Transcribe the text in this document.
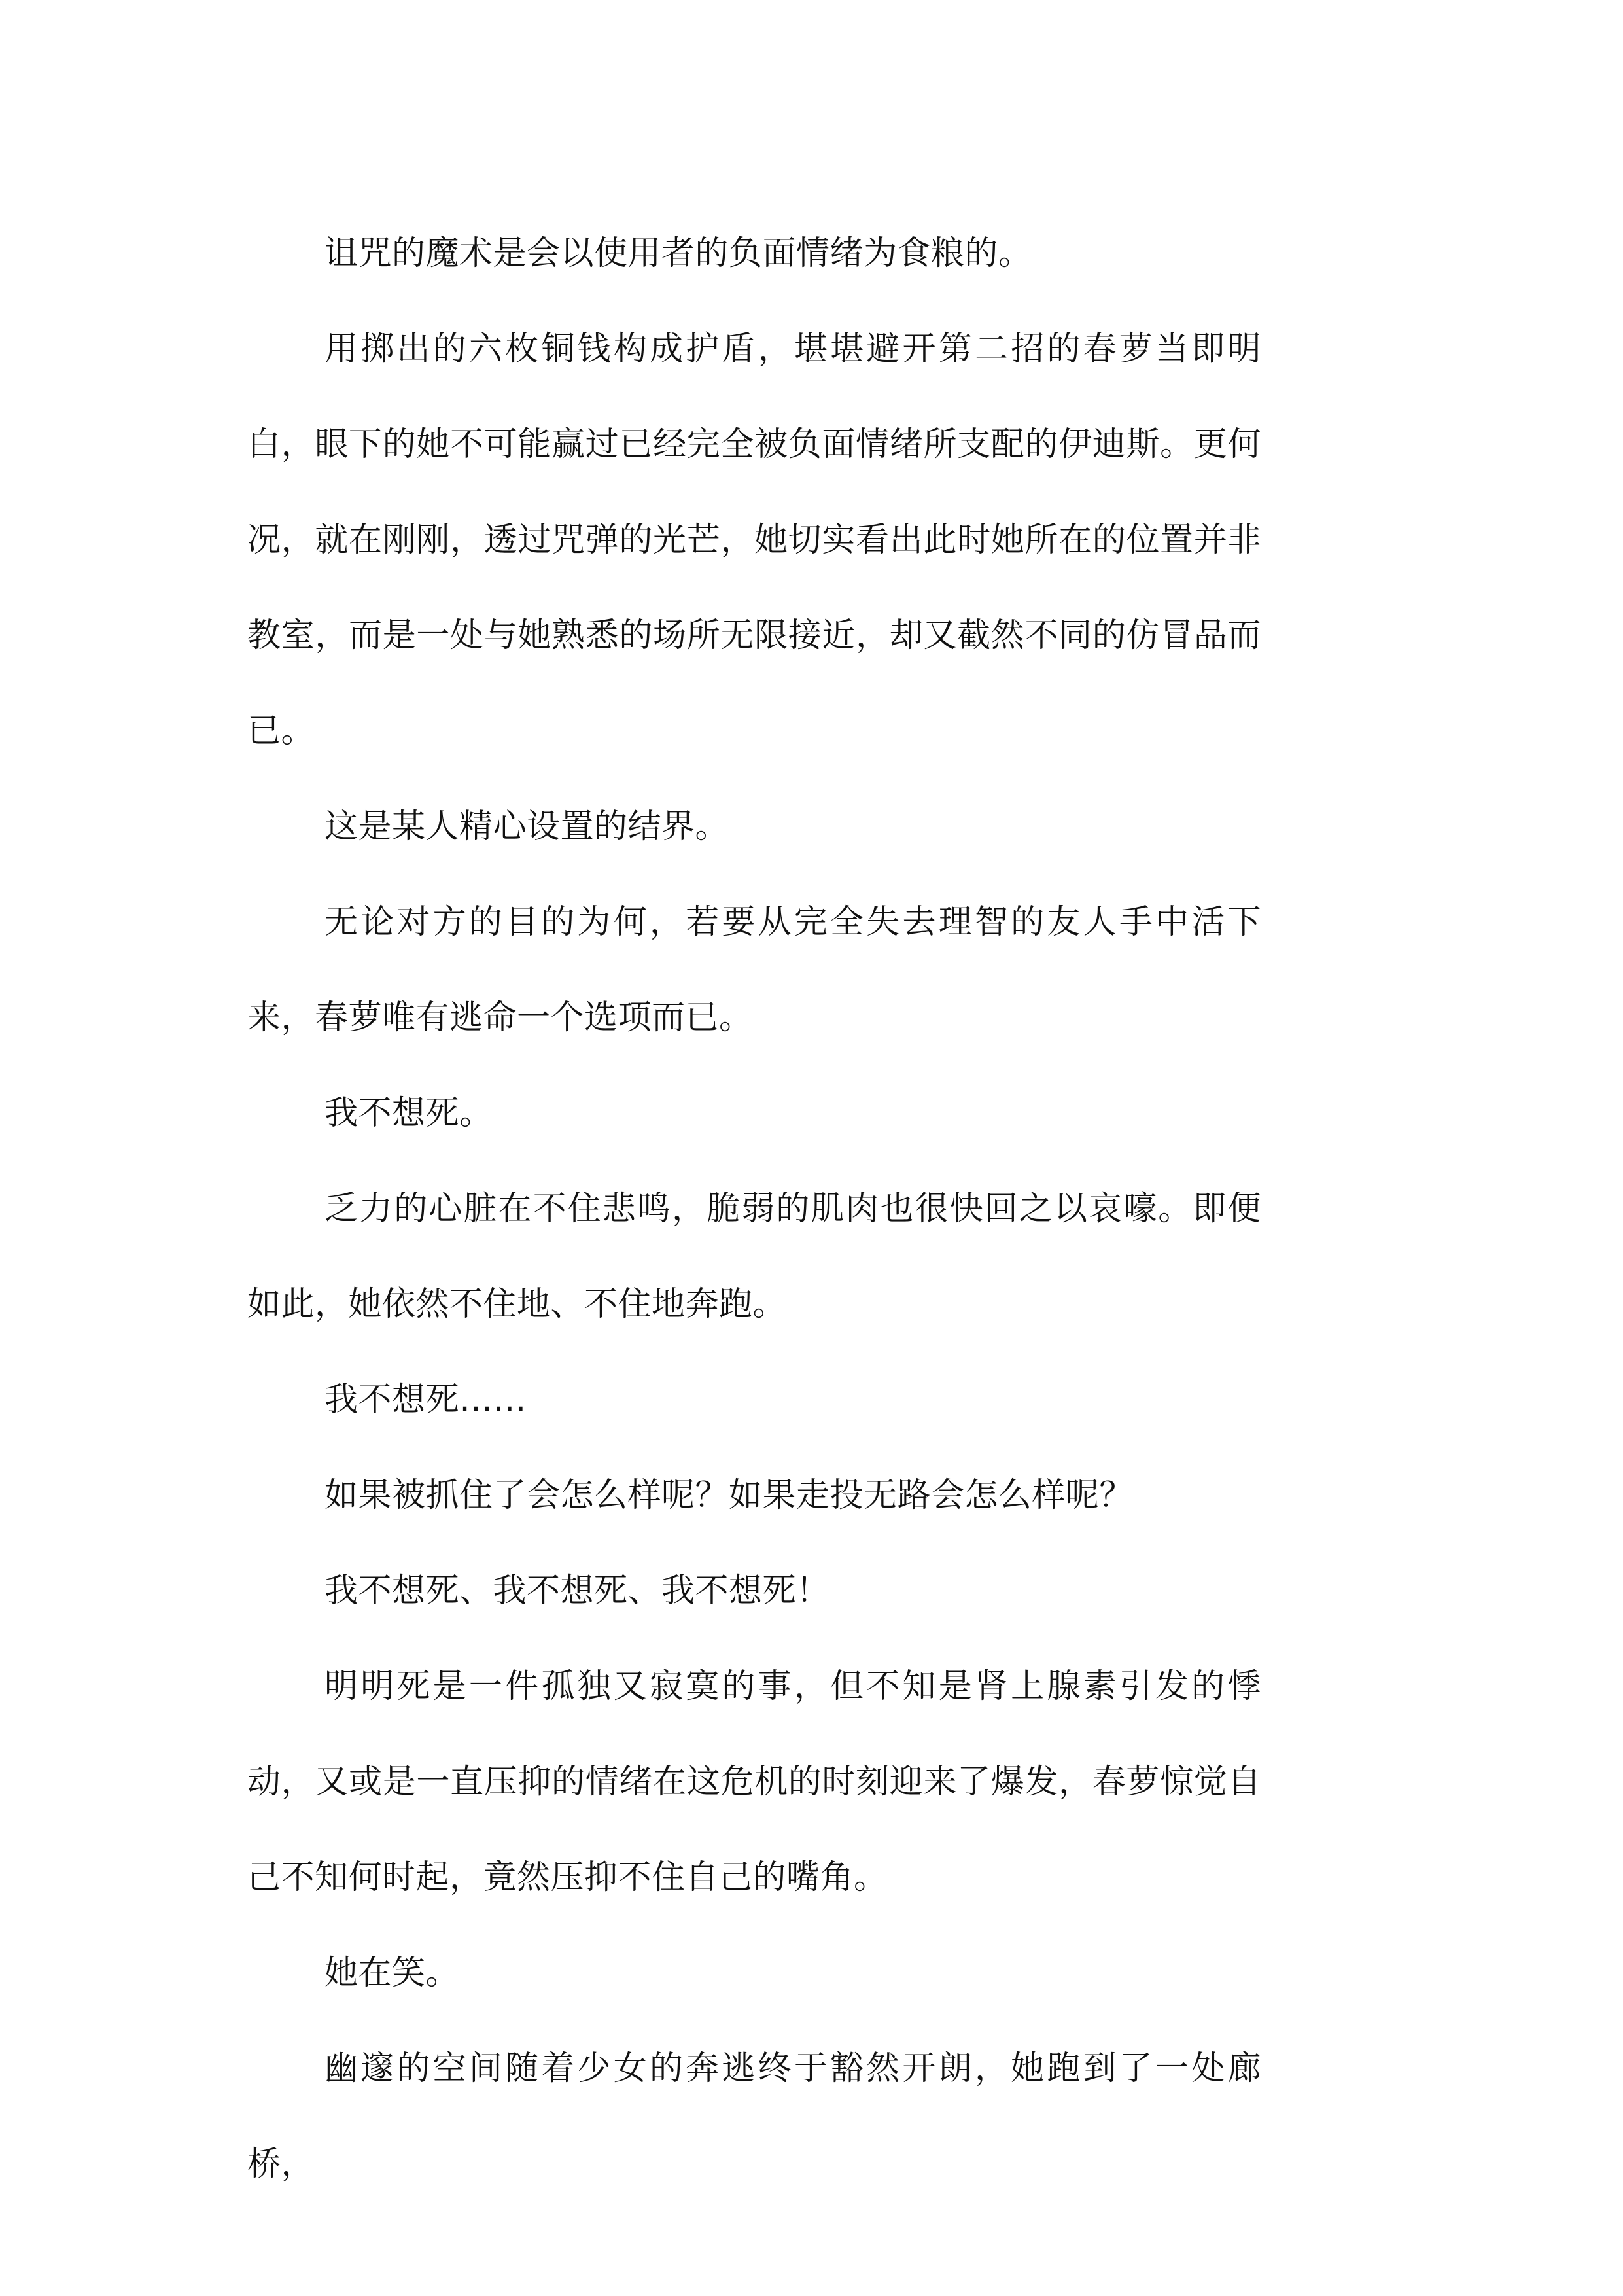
诅咒的魔术是会以使用者的负面情绪为食粮的。

用掷出的六枚铜钱构成护盾，堪堪避开第二招的春萝当即明白，眼下的她不可能赢过已经完全被负面情绪所支配的伊迪斯。更何况，就在刚刚，透过咒弹的光芒，她切实看出此时她所在的位置并非教室，而是一处与她熟悉的场所无限接近，却又截然不同的仿冒品而已。

这是某人精心设置的结界。

无论对方的目的为何，若要从完全失去理智的友人手中活下来，春萝唯有逃命一个选项而已。

我不想死。

乏力的心脏在不住悲鸣，脆弱的肌肉也很快回之以哀嚎。即便如此，她依然不住地、不住地奔跑。

我不想死……

如果被抓住了会怎么样呢？如果走投无路会怎么样呢？

我不想死、我不想死、我不想死！

明明死是一件孤独又寂寞的事，但不知是肾上腺素引发的悸动，又或是一直压抑的情绪在这危机的时刻迎来了爆发，春萝惊觉自己不知何时起，竟然压抑不住自己的嘴角。

她在笑。

幽邃的空间随着少女的奔逃终于豁然开朗，她跑到了一处廊桥，
